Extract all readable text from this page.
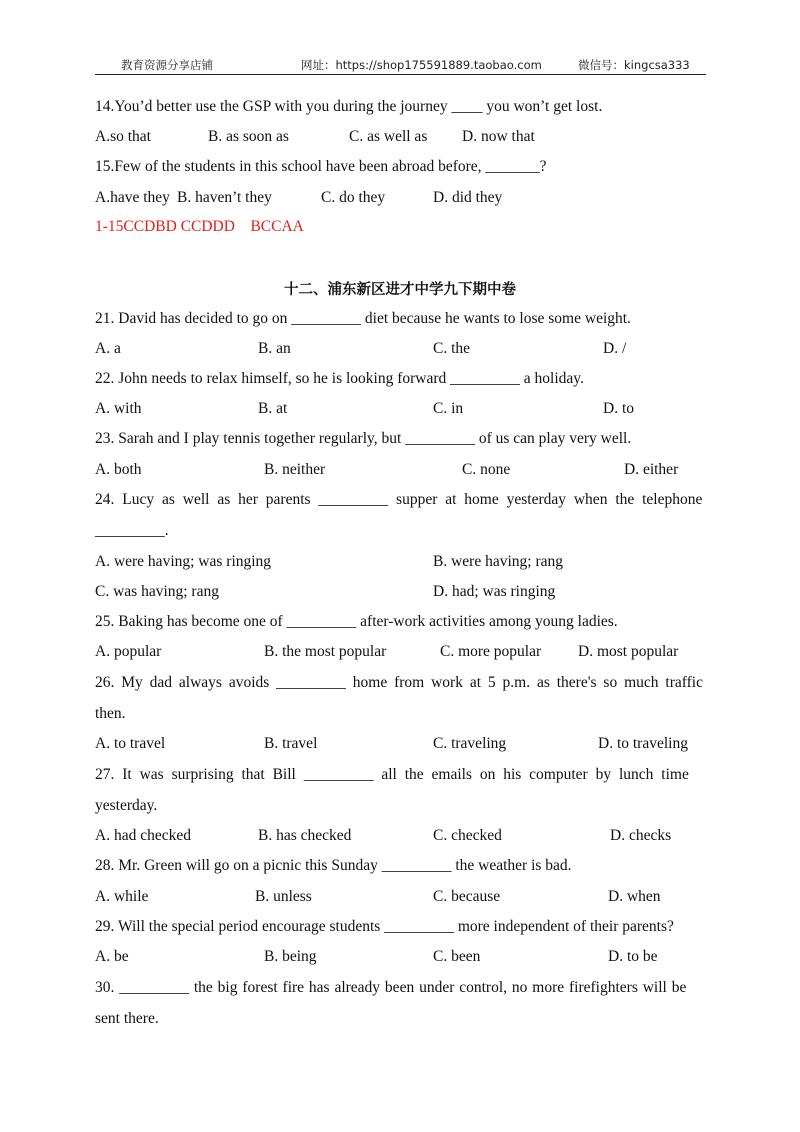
教育资源分享店铺	网址：https://shop175591889.taobao.com	微信号：kingcsa333
14.You’d better use the GSP with you during the journey ____ you won’t get lost.
A.so that	B. as soon as	C. as well as D. now that
15.Few of the students in this school have been abroad before, _______?
A.have they B. haven’t they	C. do they	D. did they
1-15CCDBD CCDDD    BCCAA
十二、浦东新区进才中学九下期中卷
21. David has decided to go on _________ diet because he wants to lose some weight.
A. a	B. an	C. the	D. /
22. John needs to relax himself, so he is looking forward _________ a holiday.
A. with	B. at	C. in	D. to
23. Sarah and I play tennis together regularly, but _________ of us can play very well.
A. both	B. neither	C. none	D. either
24. Lucy as well as her parents _________ supper at home yesterday when the telephone
_________.
A. were having; was ringing	B. were having; rang
C. was having; rang	D. had; was ringing
25. Baking has become one of _________ after-work activities among young ladies.
A. popular	B. the most popular	C. more popular D. most popular
26. My dad always avoids _________ home from work at 5 p.m. as there's so much traffic
then.
A. to travel	B. travel	C. traveling	D. to traveling
27. It was surprising that Bill _________ all the emails on his computer by lunch time
yesterday.
A. had checked	B. has checked	C. checked	D. checks
28. Mr. Green will go on a picnic this Sunday _________ the weather is bad.
A. while	B. unless	C. because	D. when
29. Will the special period encourage students _________ more independent of their parents?
A. be	B. being	C. been	D. to be
30. _________ the big forest fire has already been under control, no more firefighters will be
sent there.
